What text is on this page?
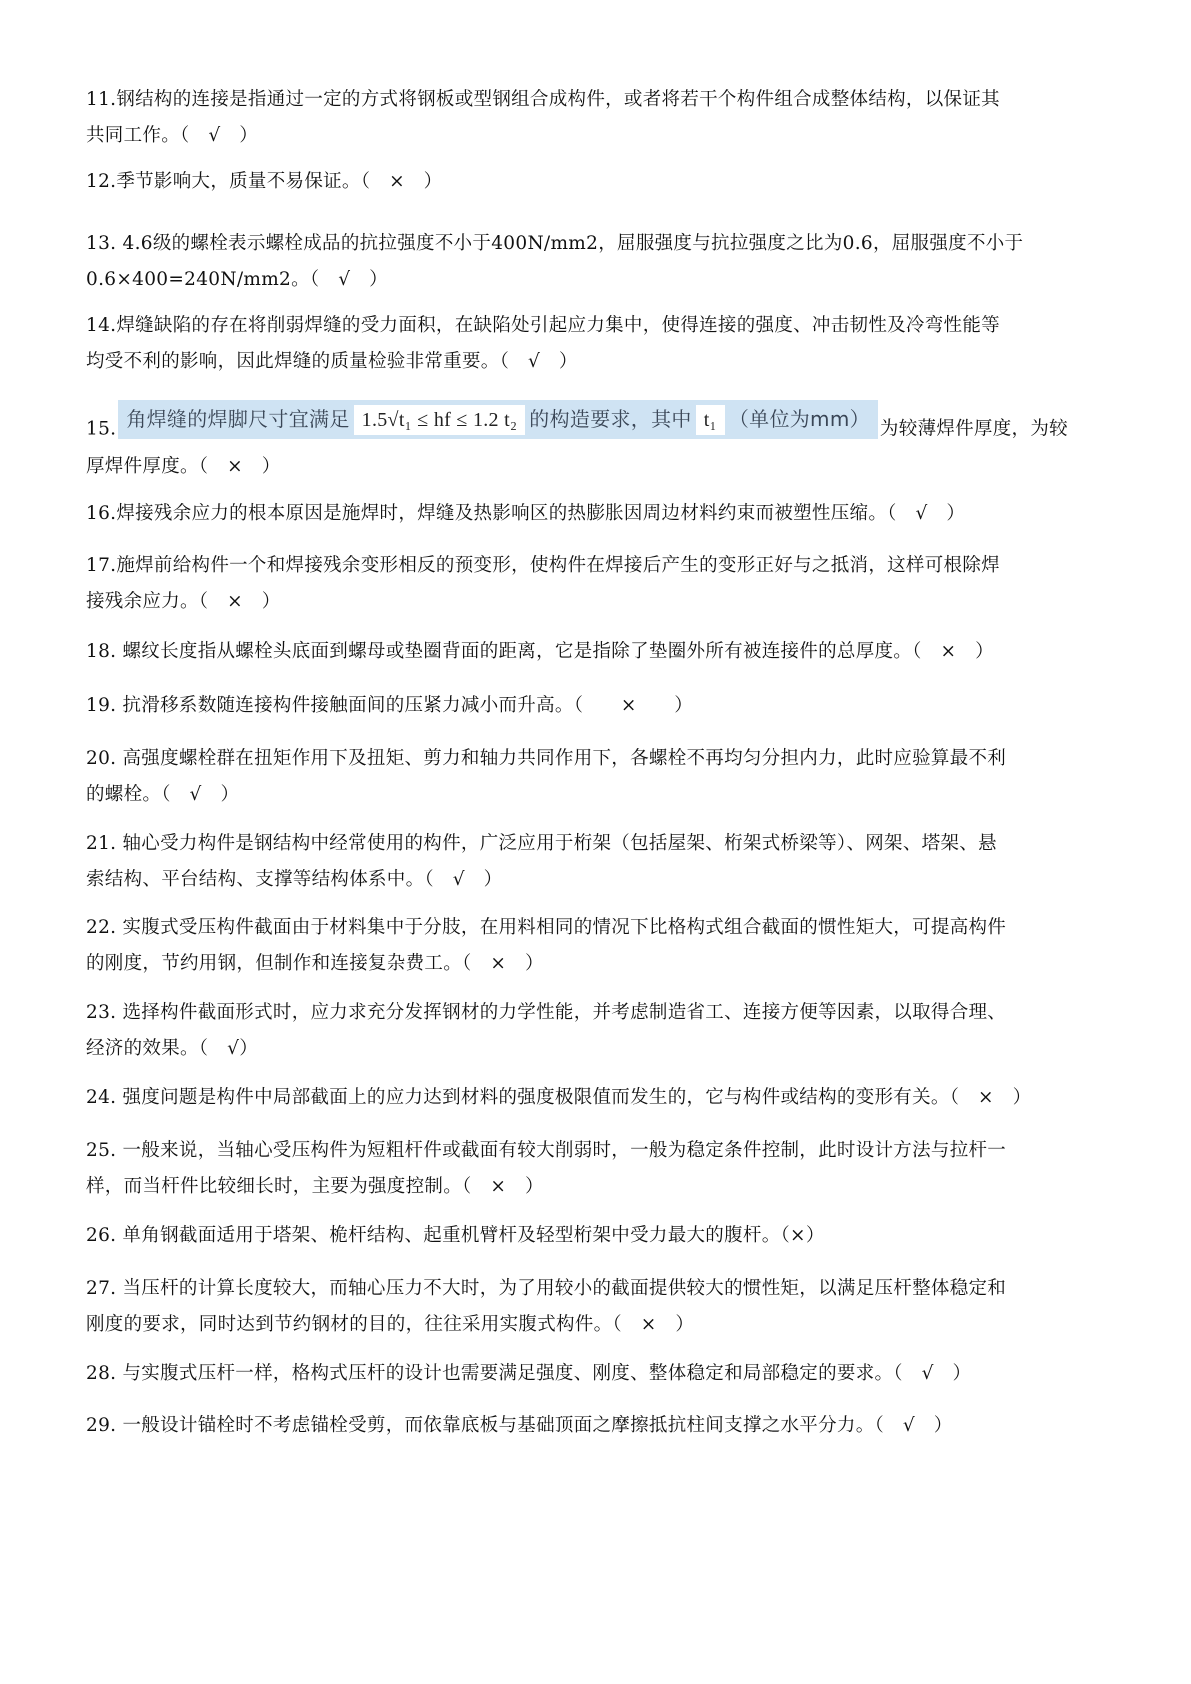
11.钢结构的连接是指通过一定的方式将钢板或型钢组合成构件，或者将若干个构件组合成整体结构，以保证其

共同工作。（　√　）

12.季节影响大，质量不易保证。（　×　）

13. 4.6级的螺栓表示螺栓成品的抗拉强度不小于400N/mm2，屈服强度与抗拉强度之比为0.6，屈服强度不小于

0.6×400=240N/mm2。（　√　）

14.焊缝缺陷的存在将削弱焊缝的受力面积，在缺陷处引起应力集中，使得连接的强度、冲击韧性及冷弯性能等

均受不利的影响，因此焊缝的质量检验非常重要。（　√　）

15. 角焊缝的焊脚尺寸宜满足 1.5√t₁ ≤ hf ≤ 1.2 t₂ 的构造要求，其中 t₁ （单位为mm） 为较薄焊件厚度，为较

厚焊件厚度。（　×　）

16.焊接残余应力的根本原因是施焊时，焊缝及热影响区的热膨胀因周边材料约束而被塑性压缩。（　√　）

17.施焊前给构件一个和焊接残余变形相反的预变形，使构件在焊接后产生的变形正好与之抵消，这样可根除焊

接残余应力。（　×　）

18. 螺纹长度指从螺栓头底面到螺母或垫圈背面的距离，它是指除了垫圈外所有被连接件的总厚度。（　×　）

19. 抗滑移系数随连接构件接触面间的压紧力减小而升高。（　　×　　）

20. 高强度螺栓群在扭矩作用下及扭矩、剪力和轴力共同作用下，各螺栓不再均匀分担内力，此时应验算最不利

的螺栓。（　√　）

21. 轴心受力构件是钢结构中经常使用的构件，广泛应用于桁架（包括屋架、桁架式桥梁等）、网架、塔架、悬

索结构、平台结构、支撑等结构体系中。（　√　）

22. 实腹式受压构件截面由于材料集中于分肢，在用料相同的情况下比格构式组合截面的惯性矩大，可提高构件

的刚度，节约用钢，但制作和连接复杂费工。（　×　）

23. 选择构件截面形式时，应力求充分发挥钢材的力学性能，并考虑制造省工、连接方便等因素，以取得合理、

经济的效果。（　√）

24. 强度问题是构件中局部截面上的应力达到材料的强度极限值而发生的，它与构件或结构的变形有关。（　×　）

25. 一般来说，当轴心受压构件为短粗杆件或截面有较大削弱时，一般为稳定条件控制，此时设计方法与拉杆一

样，而当杆件比较细长时，主要为强度控制。（　×　）

26. 单角钢截面适用于塔架、桅杆结构、起重机臂杆及轻型桁架中受力最大的腹杆。（×）

27. 当压杆的计算长度较大，而轴心压力不大时，为了用较小的截面提供较大的惯性矩，以满足压杆整体稳定和

刚度的要求，同时达到节约钢材的目的，往往采用实腹式构件。（　×　）

28. 与实腹式压杆一样，格构式压杆的设计也需要满足强度、刚度、整体稳定和局部稳定的要求。（　√　）

29. 一般设计锚栓时不考虑锚栓受剪，而依靠底板与基础顶面之摩擦抵抗柱间支撑之水平分力。（　√　）
